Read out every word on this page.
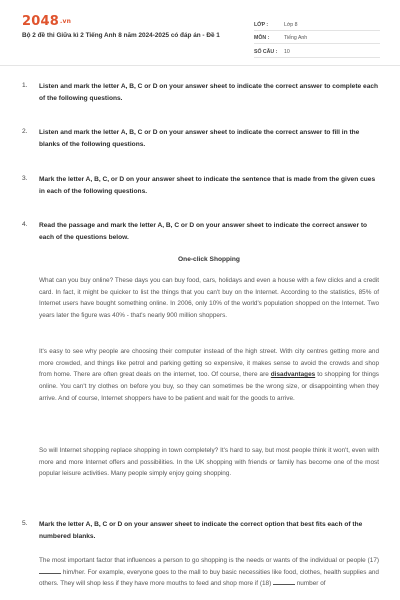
2048.vn
Bộ 2 đề thi Giữa kì 2 Tiếng Anh 8 năm 2024-2025 có đáp án - Đề 1
LỚP :	Lớp 8
MÔN :	Tiếng Anh
SỐ CÂU :	10
1.	Listen and mark the letter A, B, C or D on your answer sheet to indicate the correct answer to complete each of the following questions.
2.	Listen and mark the letter A, B, C or D on your answer sheet to indicate the correct answer to fill in the blanks of the following questions.
3.	Mark the letter A, B, C, or D on your answer sheet to indicate the sentence that is made from the given cues in each of the following questions.
4.	Read the passage and mark the letter A, B, C or D on your answer sheet to indicate the correct answer to each of the questions below.
One-click Shopping
What can you buy online? These days you can buy food, cars, holidays and even a house with a few clicks and a credit card. In fact, it might be quicker to list the things that you can't buy on the Internet. According to the statistics, 85% of Internet users have bought something online. In 2006, only 10% of the world's population shopped on the Internet. Two years later the figure was 40% - that's nearly 900 million shoppers.
It's easy to see why people are choosing their computer instead of the high street. With city centres getting more and more crowded, and things like petrol and parking getting so expensive, it makes sense to avoid the crowds and shop from home. There are often great deals on the internet, too. Of course, there are disadvantages to shopping for things online. You can't try clothes on before you buy, so they can sometimes be the wrong size, or disappointing when they arrive. And of course, Internet shoppers have to be patient and wait for the goods to arrive.
So will Internet shopping replace shopping in town completely? It's hard to say, but most people think it won't, even with more and more Internet offers and possibilities. In the UK shopping with friends or family has become one of the most popular leisure activities. Many people simply enjoy going shopping.
5.	Mark the letter A, B, C or D on your answer sheet to indicate the correct option that best fits each of the numbered blanks.
The most important factor that influences a person to go shopping is the needs or wants of the individual or people (17)  him/her. For example, everyone goes to the mall to buy basic necessities like food, clothes, health supplies and others. They will shop less if they have more mouths to feed and shop more if (18)	number of
